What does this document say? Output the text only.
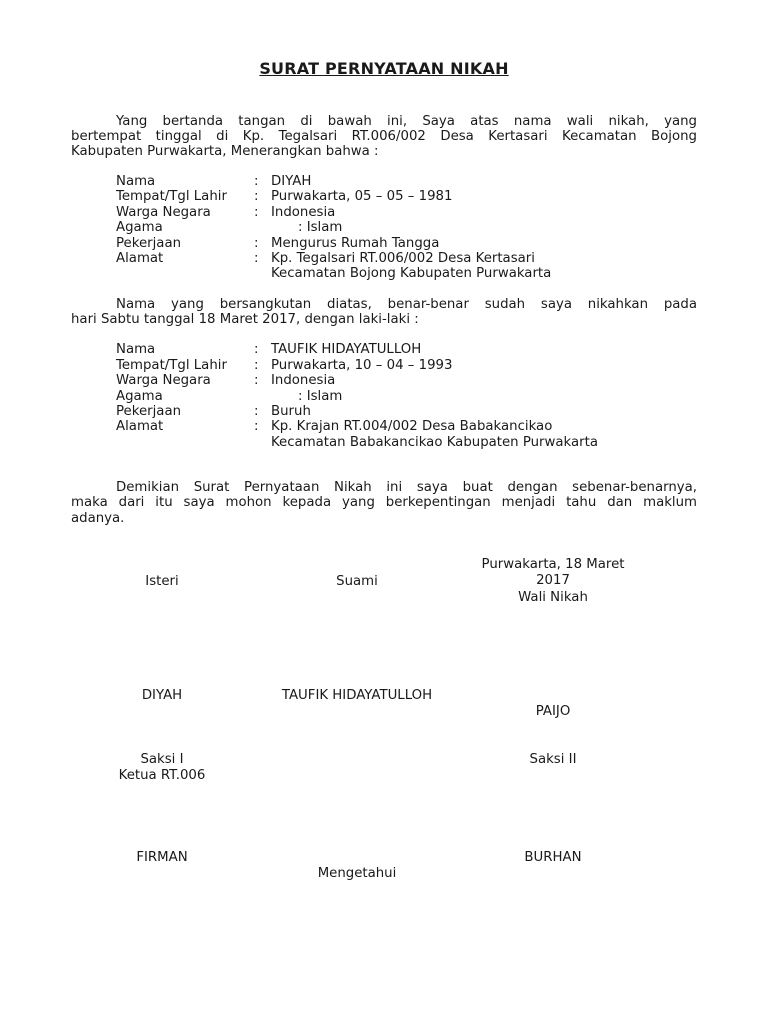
SURAT PERNYATAAN NIKAH
Yang bertanda tangan di bawah ini, Saya atas nama wali nikah, yang
bertempat tinggal di Kp. Tegalsari RT.006/002 Desa Kertasari Kecamatan Bojong
Kabupaten Purwakarta, Menerangkan bahwa :
Nama	: DIYAH
Tempat/Tgl Lahir : Purwakarta, 05 – 05 – 1981
Warga Negara	: Indonesia
Agama	: Islam
Pekerjaan	: Mengurus Rumah Tangga
Alamat	: Kp. Tegalsari RT.006/002 Desa Kertasari
Kecamatan Bojong Kabupaten Purwakarta
Nama yang bersangkutan diatas, benar-benar sudah saya nikahkan pada
hari Sabtu tanggal 18 Maret 2017, dengan laki-laki :
Nama	: TAUFIK HIDAYATULLOH
Tempat/Tgl Lahir : Purwakarta, 10 – 04 – 1993
Warga Negara	: Indonesia
Agama	: Islam
Pekerjaan	: Buruh
Alamat	: Kp. Krajan RT.004/002 Desa Babakancikao
Kecamatan Babakancikao Kabupaten Purwakarta
Demikian Surat Pernyataan Nikah ini saya buat dengan sebenar-benarnya,
maka dari itu saya mohon kepada yang berkepentingan menjadi tahu dan maklum
adanya.
Purwakarta, 18 Maret
2017
Wali Nikah
Isteri	Suami
DIYAH	TAUFIK HIDAYATULLOH
PAIJO
Saksi I
Ketua RT.006
Saksi II
FIRMAN	BURHAN
Mengetahui
